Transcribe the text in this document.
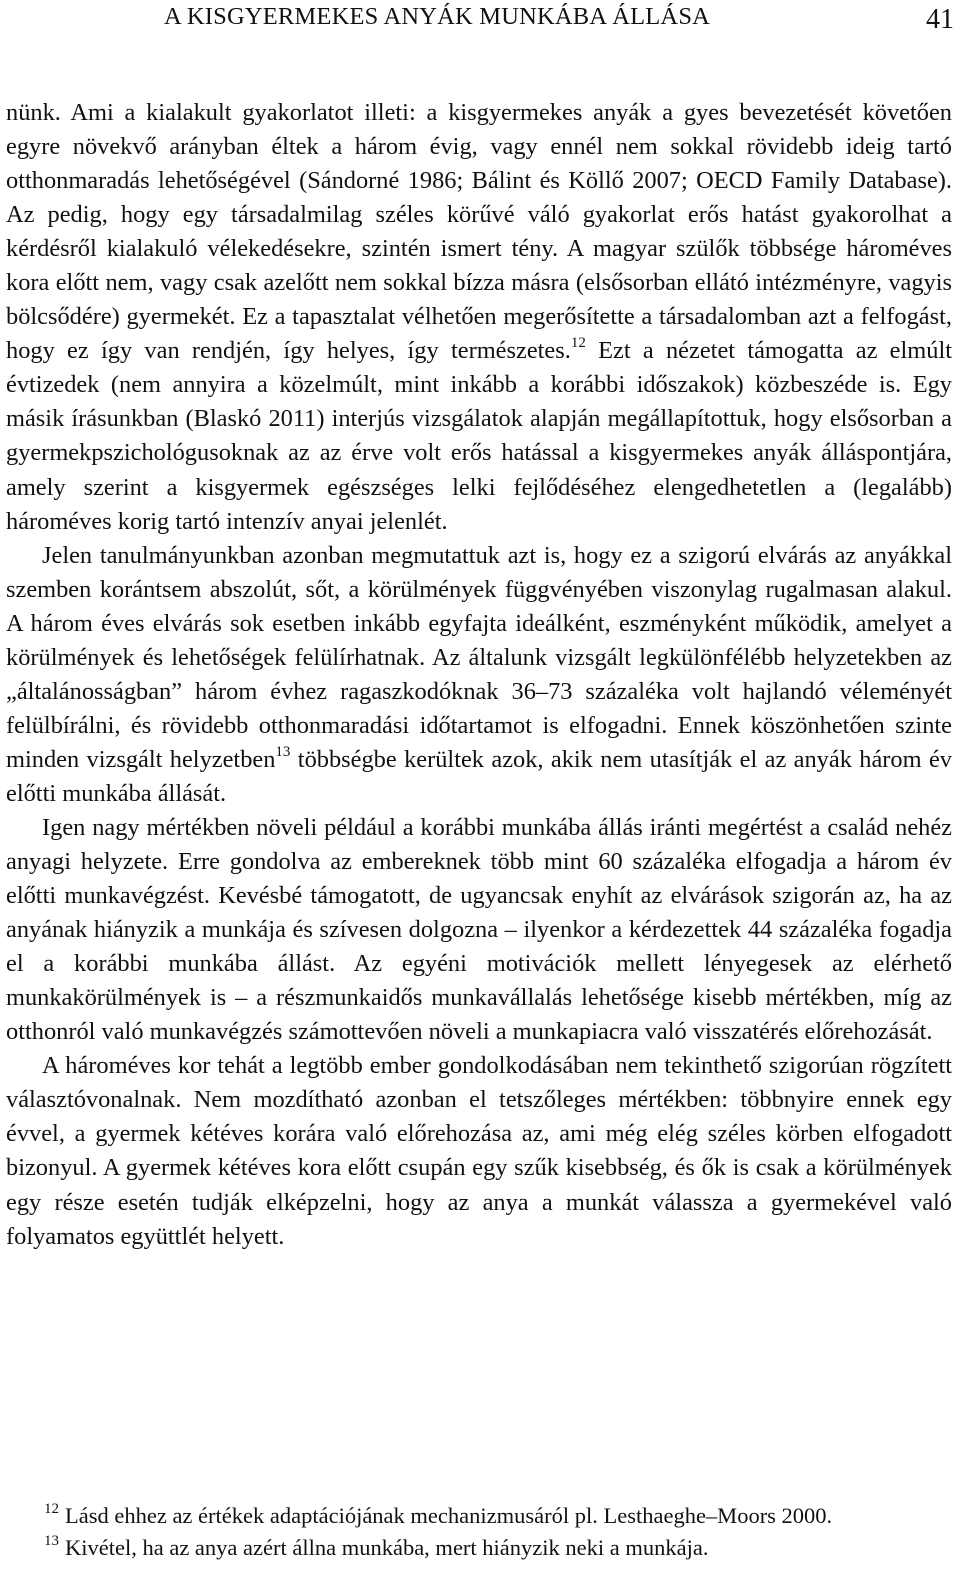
A KISGYERMEKES ANYÁK MUNKÁBA ÁLLÁSA	41

nünk. Ami a kialakult gyakorlatot illeti: a kisgyermekes anyák a gyes bevezetését követően egyre növekvő arányban éltek a három évig, vagy ennél nem sokkal rövidebb ideig tartó otthonmaradás lehetőségével (Sándorné 1986; Bálint és Köllő 2007; OECD Family Database). Az pedig, hogy egy társadalmilag széles körűvé váló gyakorlat erős hatást gyakorolhat a kérdésről kialakuló vélekedésekre, szintén ismert tény. A magyar szülők többsége hároméves kora előtt nem, vagy csak azelőtt nem sokkal bízza másra (elsősorban ellátó intézményre, vagyis bölcsődére) gyermekét. Ez a tapasztalat vélhetően megerősítette a társadalomban azt a felfogást, hogy ez így van rendjén, így helyes, így természetes.$^{12}$ Ezt a nézetet támogatta az elmúlt évtizedek (nem annyira a közelmúlt, mint inkább a korábbi időszakok) közbeszéde is. Egy másik írásunkban (Blaskó 2011) interjús vizsgálatok alapján megállapítottuk, hogy elsősorban a gyermekpszichológusoknak az az érve volt erős hatással a kisgyermekes anyák álláspontjára, amely szerint a kisgyermek egészséges lelki fejlődéséhez elengedhetetlen a (legalább) hároméves korig tartó intenzív anyai jelenlét.

Jelen tanulmányunkban azonban megmutattuk azt is, hogy ez a szigorú elvárás az anyákkal szemben korántsem abszolút, sőt, a körülmények függvényében viszonylag rugalmasan alakul. A három éves elvárás sok esetben inkább egyfajta ideálként, eszményként működik, amelyet a körülmények és lehetőségek felülírhatnak. Az általunk vizsgált legkülönfélébb helyzetekben az „általánosságban” három évhez ragaszkodóknak 36–73 százaléka volt hajlandó véleményét felülbírálni, és rövidebb otthonmaradási időtartamot is elfogadni. Ennek köszönhetően szinte minden vizsgált helyzetben$^{13}$ többségbe kerültek azok, akik nem utasítják el az anyák három év előtti munkába állását.

Igen nagy mértékben növeli például a korábbi munkába állás iránti megértést a család nehéz anyagi helyzete. Erre gondolva az embereknek több mint 60 százaléka elfogadja a három év előtti munkavégzést. Kevésbé támogatott, de ugyancsak enyhít az elvárások szigorán az, ha az anyának hiányzik a munkája és szívesen dolgozna – ilyenkor a kérdezettek 44 százaléka fogadja el a korábbi munkába állást. Az egyéni motivációk mellett lényegesek az elérhető munkakörülmények is – a részmunkaidős munkavállalás lehetősége kisebb mértékben, míg az otthonról való munkavégzés számottevően növeli a munkapiacra való visszatérés előrehozását.

A hároméves kor tehát a legtöbb ember gondolkodásában nem tekinthető szigorúan rögzített választóvonalnak. Nem mozdítható azonban el tetszőleges mértékben: többnyire ennek egy évvel, a gyermek kétéves korára való előrehozása az, ami még elég széles körben elfogadott bizonyul. A gyermek kétéves kora előtt csupán egy szűk kisebbség, és ők is csak a körülmények egy része esetén tudják elképzelni, hogy az anya a munkát válassza a gyermekével való folyamatos együttlét helyett.

$^{12}$ Lásd ehhez az értékek adaptációjának mechanizmusáról pl. Lesthaeghe–Moors 2000.

$^{13}$ Kivétel, ha az anya azért állna munkába, mert hiányzik neki a munkája.
